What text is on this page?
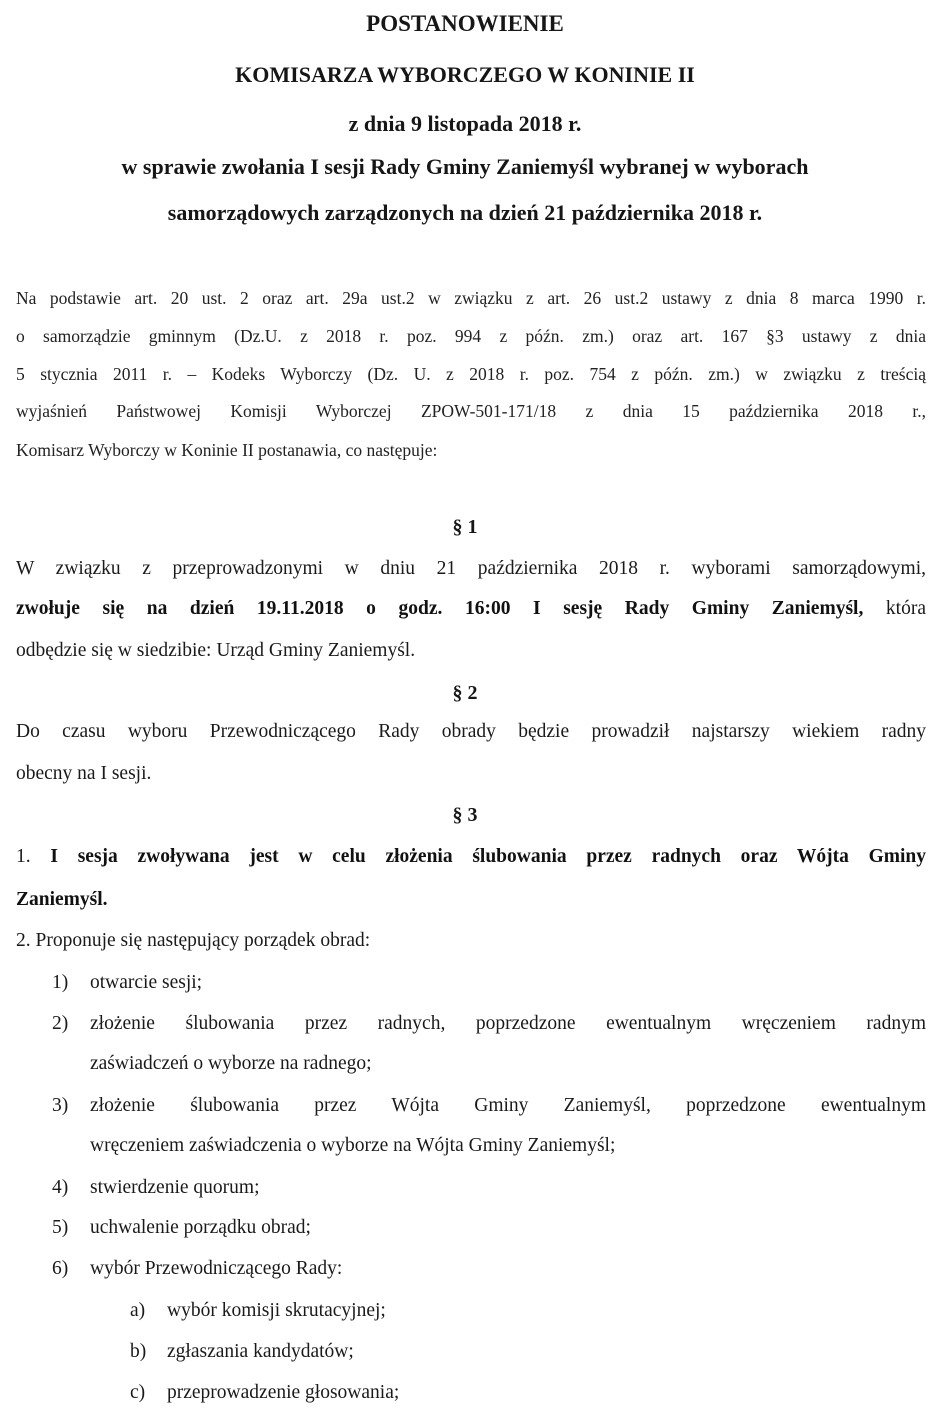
POSTANOWIENIE
KOMISARZA WYBORCZEGO W KONINIE II
z dnia 9 listopada 2018 r.
w sprawie zwołania I sesji Rady Gminy Zaniemyśl wybranej w wyborach
samorządowych zarządzonych na dzień 21 października 2018 r.
Na podstawie art. 20 ust. 2 oraz art. 29a ust.2 w związku z art. 26 ust.2 ustawy z dnia 8 marca 1990 r.
o samorządzie gminnym (Dz.U. z 2018 r. poz. 994 z późn. zm.) oraz art. 167 §3 ustawy z dnia
5 stycznia 2011 r. – Kodeks Wyborczy (Dz. U. z 2018 r. poz. 754 z późn. zm.) w związku z treścią
wyjaśnień Państwowej Komisji Wyborczej ZPOW-501-171/18 z dnia 15 października 2018 r.,
Komisarz Wyborczy w Koninie II postanawia, co następuje:
§ 1
W związku z przeprowadzonymi w dniu 21 października 2018 r. wyborami samorządowymi,
zwołuje się na dzień 19.11.2018 o godz. 16:00 I sesję Rady Gminy Zaniemyśl, która
odbędzie się w siedzibie: Urząd Gminy Zaniemyśl.
§ 2
Do czasu wyboru Przewodniczącego Rady obrady będzie prowadził najstarszy wiekiem radny
obecny na I sesji.
§ 3
1. I sesja zwoływana jest w celu złożenia ślubowania przez radnych oraz Wójta Gminy
Zaniemyśl.
2. Proponuje się następujący porządek obrad:
1) otwarcie sesji;
2) złożenie ślubowania przez radnych, poprzedzone ewentualnym wręczeniem radnym
zaświadczeń o wyborze na radnego;
3) złożenie ślubowania przez Wójta Gminy Zaniemyśl, poprzedzone ewentualnym
wręczeniem zaświadczenia o wyborze na Wójta Gminy Zaniemyśl;
4) stwierdzenie quorum;
5) uchwalenie porządku obrad;
6) wybór Przewodniczącego Rady:
a) wybór komisji skrutacyjnej;
b) zgłaszania kandydatów;
c) przeprowadzenie głosowania;
